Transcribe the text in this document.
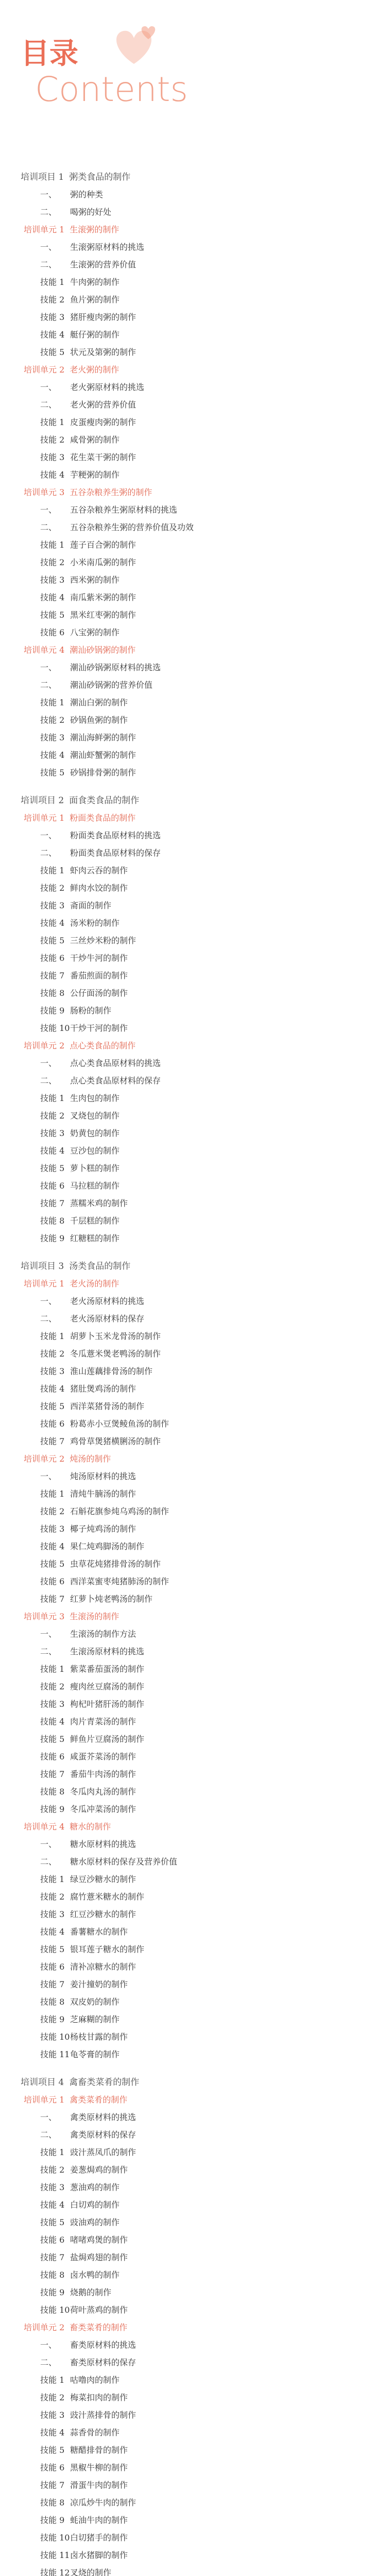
目录
Contents
培训项目 1 粥类食品的制作
一、 粥的种类
二、 喝粥的好处
培训单元 1 生滚粥的制作
一、 生滚粥原材料的挑选
二、 生滚粥的营养价值
技能 1 牛肉粥的制作
技能 2 鱼片粥的制作
技能 3 猪肝瘦肉粥的制作
技能 4 艇仔粥的制作
技能 5 状元及第粥的制作
培训单元 2 老火粥的制作
一、 老火粥原材料的挑选
二、 老火粥的营养价值
技能 1 皮蛋瘦肉粥的制作
技能 2 咸骨粥的制作
技能 3 花生菜干粥的制作
技能 4 芋粳粥的制作
培训单元 3 五谷杂粮养生粥的制作
一、 五谷杂粮养生粥原材料的挑选
二、 五谷杂粮养生粥的营养价值及功效
技能 1 莲子百合粥的制作
技能 2 小米南瓜粥的制作
技能 3 西米粥的制作
技能 4 南瓜紫米粥的制作
技能 5 黑米红枣粥的制作
技能 6 八宝粥的制作
培训单元 4 潮汕砂锅粥的制作
一、 潮汕砂锅粥原材料的挑选
二、 潮汕砂锅粥的营养价值
技能 1 潮汕白粥的制作
技能 2 砂锅鱼粥的制作
技能 3 潮汕海鲜粥的制作
技能 4 潮汕虾蟹粥的制作
技能 5 砂锅排骨粥的制作
培训项目 2 面食类食品的制作
培训单元 1 粉面类食品的制作
一、 粉面类食品原材料的挑选
二、 粉面类食品原材料的保存
技能 1 虾肉云吞的制作
技能 2 鲜肉水饺的制作
技能 3 斋面的制作
技能 4 汤米粉的制作
技能 5 三丝炒米粉的制作
技能 6 干炒牛河的制作
技能 7 番茄煎面的制作
技能 8 公仔面汤的制作
技能 9 肠粉的制作
技能 10干炒干河的制作
培训单元 2 点心类食品的制作
一、 点心类食品原材料的挑选
二、 点心类食品原材料的保存
技能 1 生肉包的制作
技能 2 叉烧包的制作
技能 3 奶黄包的制作
技能 4 豆沙包的制作
技能 5 萝卜糕的制作
技能 6 马拉糕的制作
技能 7 蒸糯米鸡的制作
技能 8 千层糕的制作
技能 9 红糖糕的制作
培训项目 3 汤类食品的制作
培训单元 1 老火汤的制作
一、 老火汤原材料的挑选
二、 老火汤原材料的保存
技能 1 胡萝卜玉米龙骨汤的制作
技能 2 冬瓜薏米煲老鸭汤的制作
技能 3 淮山莲藕排骨汤的制作
技能 4 猪肚煲鸡汤的制作
技能 5 西洋菜猪骨汤的制作
技能 6 粉葛赤小豆煲鲮鱼汤的制作
技能 7 鸡骨草煲猪横脷汤的制作
培训单元 2 炖汤的制作
一、 炖汤原材料的挑选
技能 1 清炖牛腩汤的制作
技能 2 石斛花旗参炖乌鸡汤的制作
技能 3 椰子炖鸡汤的制作
技能 4 果仁炖鸡脚汤的制作
技能 5 虫草花炖猪排骨汤的制作
技能 6 西洋菜蜜枣炖猪肺汤的制作
技能 7 红萝卜炖老鸭汤的制作
培训单元 3 生滚汤的制作
一、 生滚汤的制作方法
二、 生滚汤原材料的挑选
技能 1 紫菜番茄蛋汤的制作
技能 2 瘦肉丝豆腐汤的制作
技能 3 枸杞叶猪肝汤的制作
技能 4 肉片青菜汤的制作
技能 5 鲜鱼片豆腐汤的制作
技能 6 咸蛋芥菜汤的制作
技能 7 番茄牛肉汤的制作
技能 8 冬瓜肉丸汤的制作
技能 9 冬瓜冲菜汤的制作
培训单元 4 糖水的制作
一、 糖水原材料的挑选
二、 糖水原材料的保存及营养价值
技能 1 绿豆沙糖水的制作
技能 2 腐竹薏米糖水的制作
技能 3 红豆沙糖水的制作
技能 4 番薯糖水的制作
技能 5 银耳莲子糖水的制作
技能 6 清补凉糖水的制作
技能 7 姜汁撞奶的制作
技能 8 双皮奶的制作
技能 9 芝麻糊的制作
技能 10杨枝甘露的制作
技能 11龟苓膏的制作
培训项目 4 禽畜类菜肴的制作
培训单元 1 禽类菜肴的制作
一、 禽类原材料的挑选
二、 禽类原材料的保存
技能 1 豉汁蒸凤爪的制作
技能 2 姜葱焗鸡的制作
技能 3 葱油鸡的制作
技能 4 白切鸡的制作
技能 5 豉油鸡的制作
技能 6 啫啫鸡煲的制作
技能 7 盐焗鸡翅的制作
技能 8 卤水鸭的制作
技能 9 烧鹅的制作
技能 10荷叶蒸鸡的制作
培训单元 2 畜类菜肴的制作
一、 畜类原材料的挑选
二、 畜类原材料的保存
技能 1 咕噜肉的制作
技能 2 梅菜扣肉的制作
技能 3 豉汁蒸排骨的制作
技能 4 蒜香骨的制作
技能 5 糖醋排骨的制作
技能 6 黑椒牛柳的制作
技能 7 滑蛋牛肉的制作
技能 8 凉瓜炒牛肉的制作
技能 9 蚝油牛肉的制作
技能 10白切猪手的制作
技能 11卤水猪脚的制作
技能 12叉烧的制作
